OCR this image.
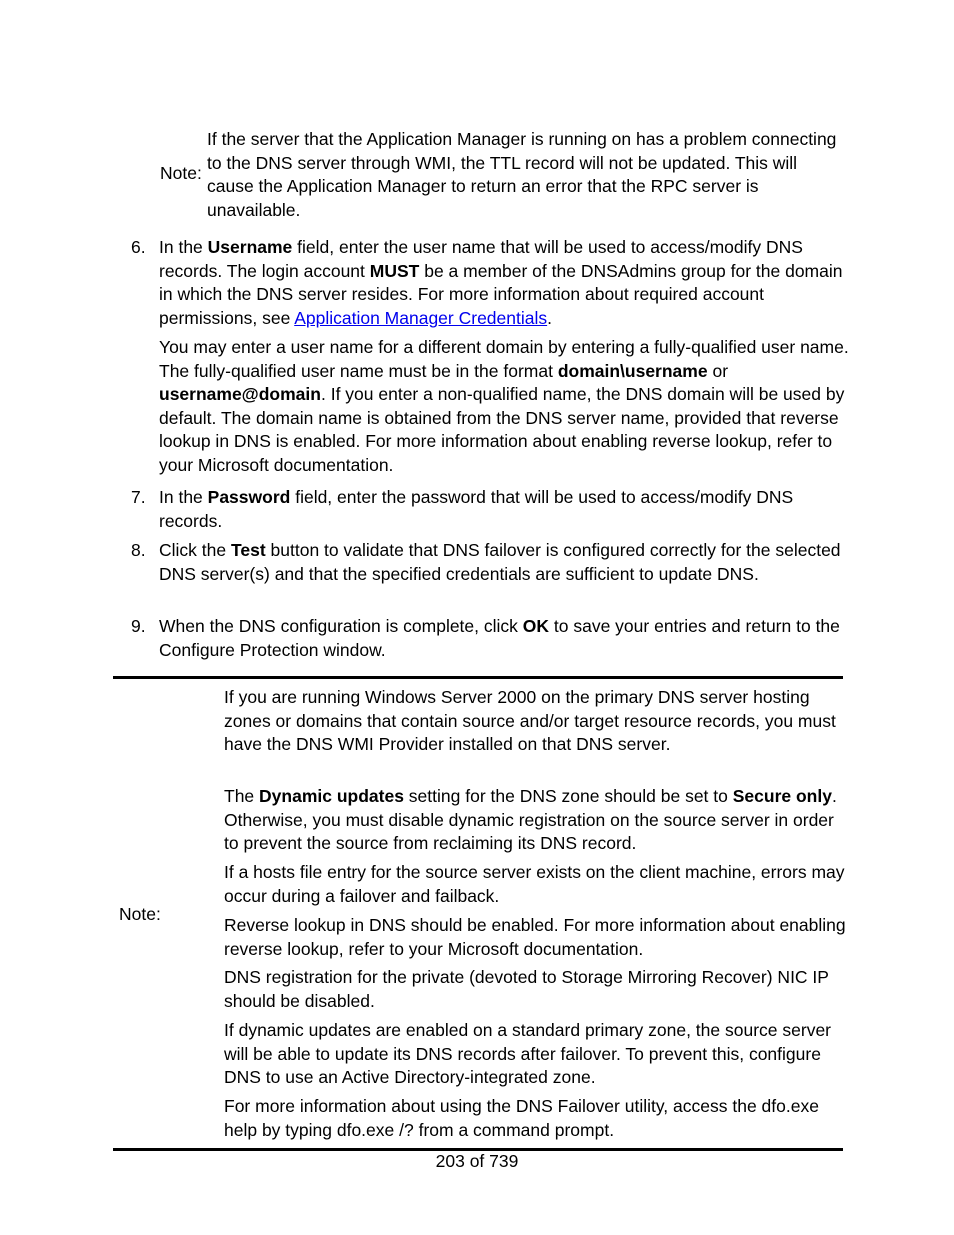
Note:
If the server that the Application Manager is running on has a problem connecting to the DNS server through WMI, the TTL record will not be updated. This will cause the Application Manager to return an error that the RPC server is unavailable.
6. In the Username field, enter the user name that will be used to access/modify DNS records. The login account MUST be a member of the DNSAdmins group for the domain in which the DNS server resides. For more information about required account permissions, see Application Manager Credentials.
You may enter a user name for a different domain by entering a fully-qualified user name. The fully-qualified user name must be in the format domain\username or username@domain. If you enter a non-qualified name, the DNS domain will be used by default. The domain name is obtained from the DNS server name, provided that reverse lookup in DNS is enabled. For more information about enabling reverse lookup, refer to your Microsoft documentation.
7. In the Password field, enter the password that will be used to access/modify DNS records.
8. Click the Test button to validate that DNS failover is configured correctly for the selected DNS server(s) and that the specified credentials are sufficient to update DNS.
9. When the DNS configuration is complete, click OK to save your entries and return to the Configure Protection window.
Note:
If you are running Windows Server 2000 on the primary DNS server hosting zones or domains that contain source and/or target resource records, you must have the DNS WMI Provider installed on that DNS server.
The Dynamic updates setting for the DNS zone should be set to Secure only. Otherwise, you must disable dynamic registration on the source server in order to prevent the source from reclaiming its DNS record.
If a hosts file entry for the source server exists on the client machine, errors may occur during a failover and failback.
Reverse lookup in DNS should be enabled. For more information about enabling reverse lookup, refer to your Microsoft documentation.
DNS registration for the private (devoted to Storage Mirroring Recover) NIC IP should be disabled.
If dynamic updates are enabled on a standard primary zone, the source server will be able to update its DNS records after failover. To prevent this, configure DNS to use an Active Directory-integrated zone.
For more information about using the DNS Failover utility, access the dfo.exe help by typing dfo.exe /? from a command prompt.
203 of 739
